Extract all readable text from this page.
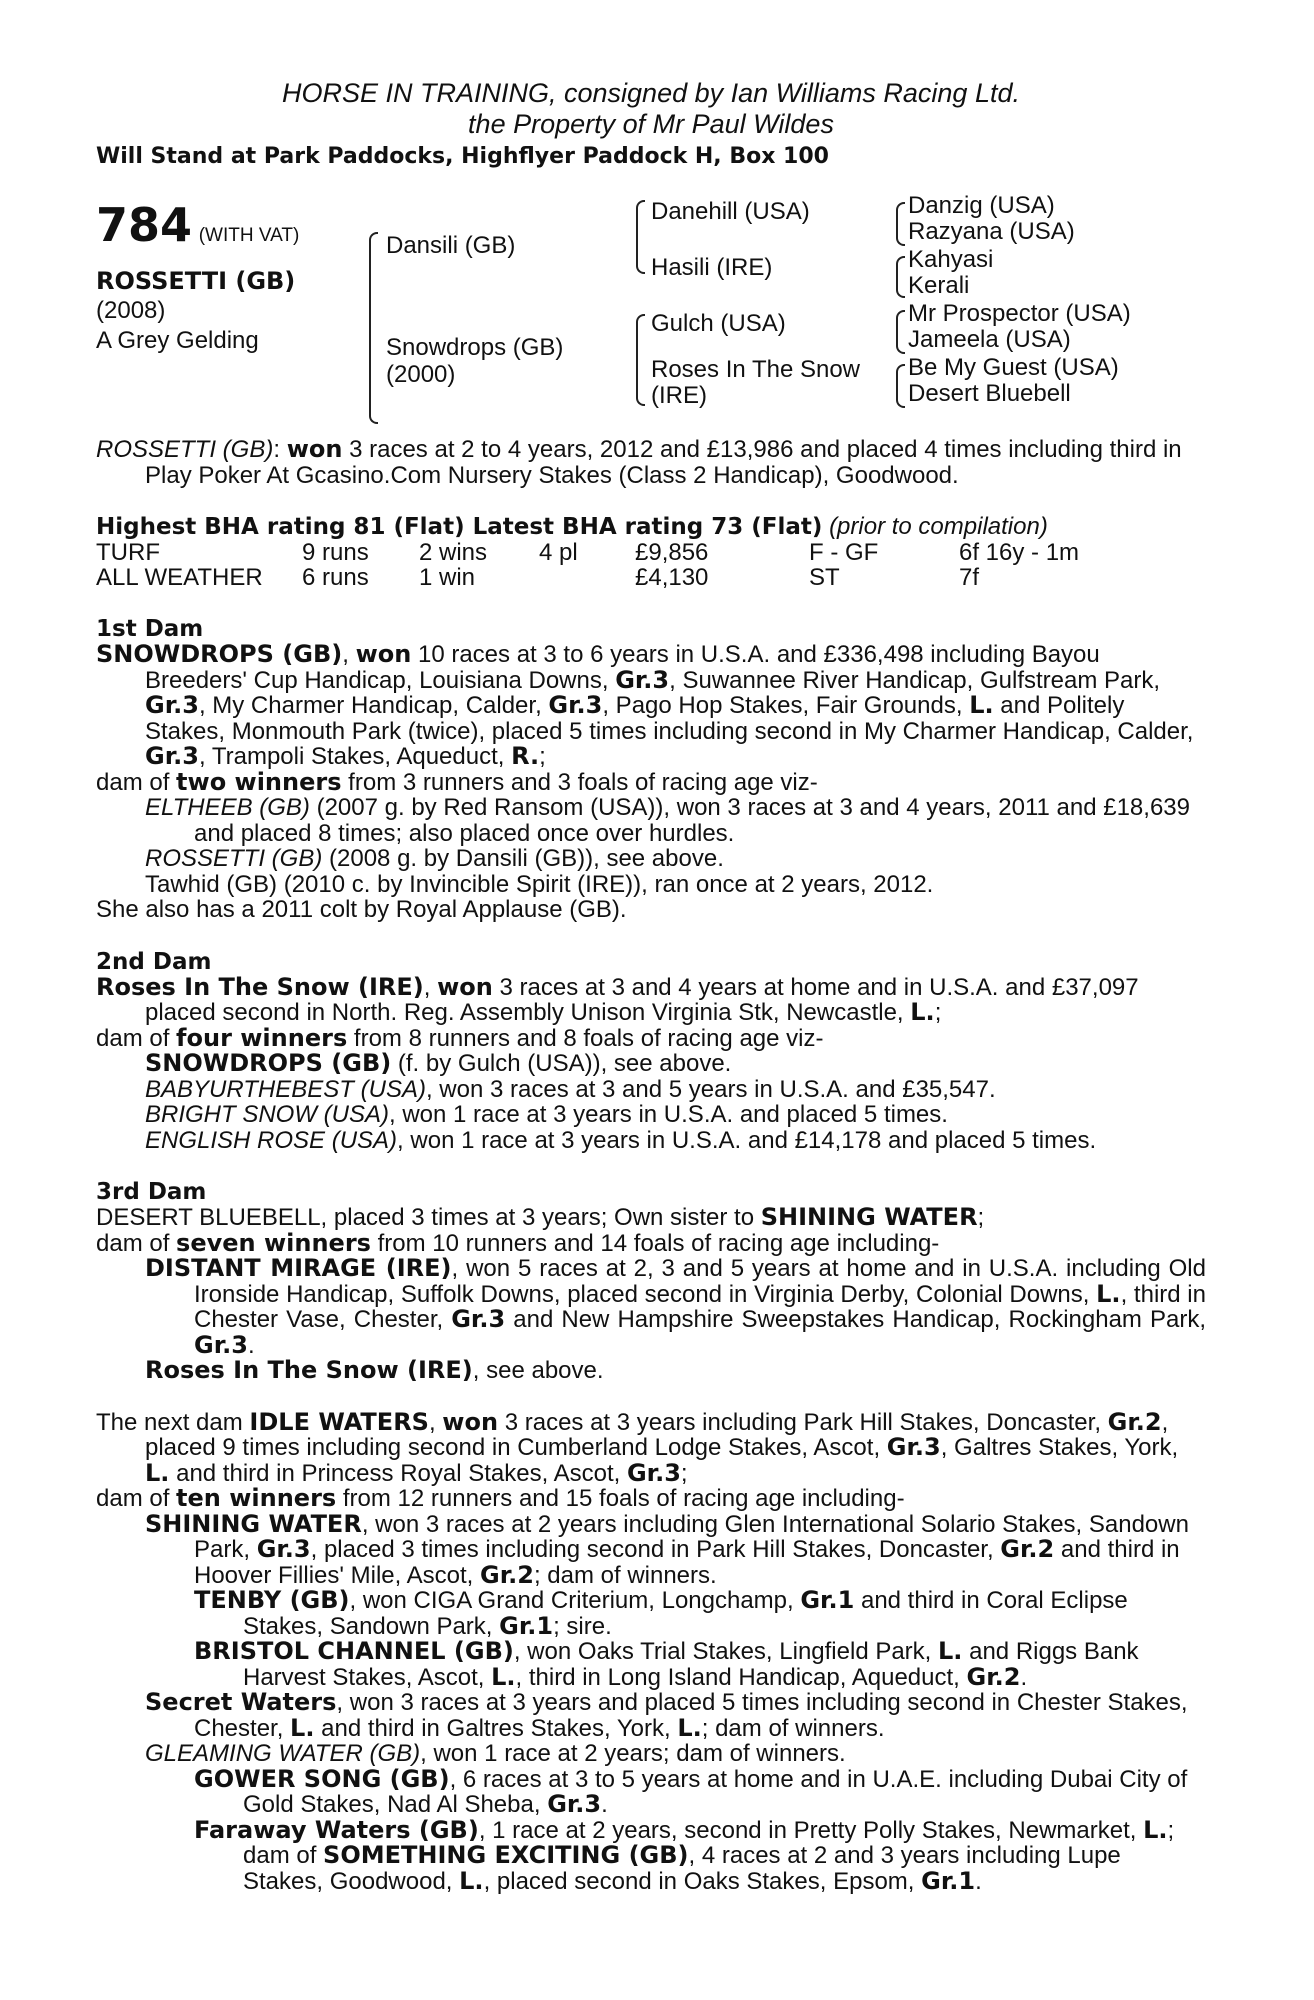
HORSE IN TRAINING, consigned by Ian Williams Racing Ltd.
the Property of Mr Paul Wildes
Will Stand at Park Paddocks, Highflyer Paddock H, Box 100
784 (WITH VAT)
ROSSETTI (GB)
(2008)
A Grey Gelding
Dansili (GB)
Snowdrops (GB)
(2000)
Danehill (USA)
Hasili (IRE)
Gulch (USA)
Roses In The Snow
(IRE)
Danzig (USA)
Razyana (USA)
Kahyasi
Kerali
Mr Prospector (USA)
Jameela (USA)
Be My Guest (USA)
Desert Bluebell
ROSSETTI (GB): won 3 races at 2 to 4 years, 2012 and £13,986 and placed 4 times including third in Play Poker At Gcasino.Com Nursery Stakes (Class 2 Handicap), Goodwood.
Highest BHA rating 81 (Flat) Latest BHA rating 73 (Flat) (prior to compilation)
TURF	9 runs	2 wins	4 pl	£9,856	F - GF	6f 16y - 1m
ALL WEATHER	6 runs	1 win		£4,130	ST	7f
1st Dam
SNOWDROPS (GB), won 10 races at 3 to 6 years in U.S.A. and £336,498 including Bayou Breeders' Cup Handicap, Louisiana Downs, Gr.3, Suwannee River Handicap, Gulfstream Park, Gr.3, My Charmer Handicap, Calder, Gr.3, Pago Hop Stakes, Fair Grounds, L. and Politely Stakes, Monmouth Park (twice), placed 5 times including second in My Charmer Handicap, Calder, Gr.3, Trampoli Stakes, Aqueduct, R.;
dam of two winners from 3 runners and 3 foals of racing age viz-
ELTHEEB (GB) (2007 g. by Red Ransom (USA)), won 3 races at 3 and 4 years, 2011 and £18,639 and placed 8 times; also placed once over hurdles.
ROSSETTI (GB) (2008 g. by Dansili (GB)), see above.
Tawhid (GB) (2010 c. by Invincible Spirit (IRE)), ran once at 2 years, 2012.
She also has a 2011 colt by Royal Applause (GB).
2nd Dam
Roses In The Snow (IRE), won 3 races at 3 and 4 years at home and in U.S.A. and £37,097 placed second in North. Reg. Assembly Unison Virginia Stk, Newcastle, L.;
dam of four winners from 8 runners and 8 foals of racing age viz-
SNOWDROPS (GB) (f. by Gulch (USA)), see above.
BABYURTHEBEST (USA), won 3 races at 3 and 5 years in U.S.A. and £35,547.
BRIGHT SNOW (USA), won 1 race at 3 years in U.S.A. and placed 5 times.
ENGLISH ROSE (USA), won 1 race at 3 years in U.S.A. and £14,178 and placed 5 times.
3rd Dam
DESERT BLUEBELL, placed 3 times at 3 years; Own sister to SHINING WATER;
dam of seven winners from 10 runners and 14 foals of racing age including-
DISTANT MIRAGE (IRE), won 5 races at 2, 3 and 5 years at home and in U.S.A. including Old Ironside Handicap, Suffolk Downs, placed second in Virginia Derby, Colonial Downs, L., third in Chester Vase, Chester, Gr.3 and New Hampshire Sweepstakes Handicap, Rockingham Park, Gr.3.
Roses In The Snow (IRE), see above.
The next dam IDLE WATERS, won 3 races at 3 years including Park Hill Stakes, Doncaster, Gr.2, placed 9 times including second in Cumberland Lodge Stakes, Ascot, Gr.3, Galtres Stakes, York, L. and third in Princess Royal Stakes, Ascot, Gr.3;
dam of ten winners from 12 runners and 15 foals of racing age including-
SHINING WATER, won 3 races at 2 years including Glen International Solario Stakes, Sandown Park, Gr.3, placed 3 times including second in Park Hill Stakes, Doncaster, Gr.2 and third in Hoover Fillies' Mile, Ascot, Gr.2; dam of winners.
TENBY (GB), won CIGA Grand Criterium, Longchamp, Gr.1 and third in Coral Eclipse Stakes, Sandown Park, Gr.1; sire.
BRISTOL CHANNEL (GB), won Oaks Trial Stakes, Lingfield Park, L. and Riggs Bank Harvest Stakes, Ascot, L., third in Long Island Handicap, Aqueduct, Gr.2.
Secret Waters, won 3 races at 3 years and placed 5 times including second in Chester Stakes, Chester, L. and third in Galtres Stakes, York, L.; dam of winners.
GLEAMING WATER (GB), won 1 race at 2 years; dam of winners.
GOWER SONG (GB), 6 races at 3 to 5 years at home and in U.A.E. including Dubai City of Gold Stakes, Nad Al Sheba, Gr.3.
Faraway Waters (GB), 1 race at 2 years, second in Pretty Polly Stakes, Newmarket, L.; dam of SOMETHING EXCITING (GB), 4 races at 2 and 3 years including Lupe Stakes, Goodwood, L., placed second in Oaks Stakes, Epsom, Gr.1.
